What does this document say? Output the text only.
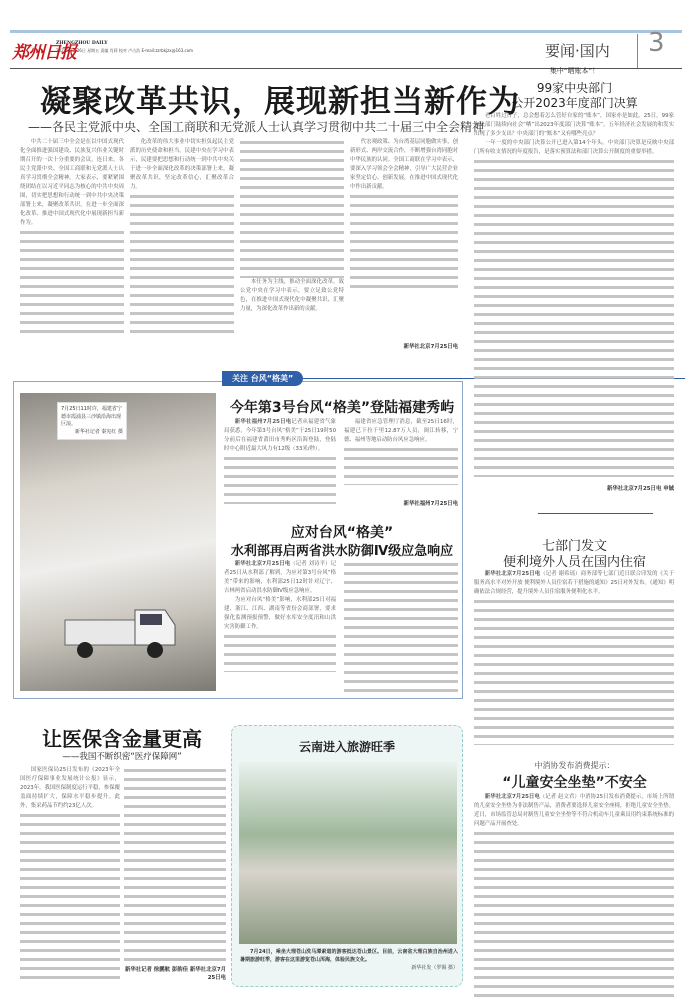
郑州日报
ZHENGZHOU DAILY
2024年7月26日 星期五 责编 肖莉 校对 卢占浩 E-mail:zzrbkjzx@163.com	要闻·国内 3
凝聚改革共识，展现新担当新作为
——各民主党派中央、全国工商联和无党派人士认真学习贯彻中共二十届三中全会精神

中共二十届三中全会是在以中国式现代化全面推进强国建设、民族复兴伟业关键时期召开的一次十分重要的会议。连日来，各民主党派中央、全国工商联和无党派人士认真学习贯彻全会精神。大家表示，要紧紧围绕团结在以习近平同志为核心的中共中央周围，切实把思想和行动统一到中共中央决策部署上来，凝聚改革共识，在进一步全面深化改革、推进中国式现代化中展现新担当新作为。

化改革的伟大事业中切实担负起民主党派的历史使命和担当。民建中央在学习中表示，民建要把思想和行动统一到中共中央关于进一步全面深化改革的决策部署上来，凝聚改革共识，坚定改革信心，汇聚改革合力。

本任务为主线，推动全面深化改革。致公党中央在学习中表示，要立足致公党特色，在推进中国式现代化中凝聚共识、汇聚力量，为深化改革作出新的贡献。

代宏观政策、为台湾基层同胞做实事，创新形式、两岸交流合作，不断增强台湾同胞对中华民族的认同。全国工商联在学习中表示，要深入学习领会全会精神，引导广大民营企业家坚定信心、创新发展，在推进中国式现代化中作出新贡献。

新华社北京7月25日电
关注 台风“格美”
7月25日11时许，福建省宁德市霞浦县三沙镇沿海出现巨浪。
新华社记者 秦宪红 摄
今年第3号台风“格美”登陆福建秀屿

新华社福州7月25日电记者从福建省气象局获悉，今年第3号台风“格美”于25日19时50分前后在福建省莆田市秀屿区沿海登陆，登陆时中心附近最大风力有12级（33米/秒）。

福建省应急管理厅消息，截至25日16时，福建已下拉千里12.87万人员，闽江转移，宁德、福州等地启动防台风应急响应。

新华社福州7月25日电
应对台风“格美”
水利部再启两省洪水防御Ⅳ级应急响应

新华社北京7月25日电（记者 刘诗平）记者25日从水利部了解到，为应对第3号台风“格美”带来的影响，水利部25日12时针对辽宁、吉林两省启动洪水防御Ⅳ级应急响应。

为应对台风“格美”影响，水利部25日对福建、浙江、江西、湖南等省份会商部署，要求强化监测预报预警，做好水库安全度汛和山洪灾害防御工作。

让医保含金量更高
——我国不断织密“医疗保障网”

国家医保局25日发布的《2023年全国医疗保障事业发展统计公报》显示，2023年，我国医保制度运行平稳，参保覆盖面持续扩大，保障水平稳步提升。此外，集采药品节约约23亿人次。

新华社记者 徐鹏航 彭韵佳 新华社北京7月25日电
云南进入旅游旺季

7月24日，乘坐大理苍山洗马潭索道的游客抵达苍山景区。目前，云南省大理白族自治州进入暑期旅游旺季，游客在这里游览苍山洱海，体验民族文化。

新华社发（罗锡 摄）
集中“晒账本”！
99家中央部门
公开2023年度部门决算

老百姓过日子，总会想着怎么管好自家的“账本”，国家亦是如此。25日，99家中央部门陆续向社会“晒”出2023年度部门决算“账本”。五年经济社会发展的和发实出现了多少支出？中央部门的“账本”又有哪些亮点？

一年一度的中央部门决算公开已进入第14个年头。中央部门决算是反映中央部门所有收支情况的年度报告，是落实预算法和部门决算公开制度的重要举措。

新华社北京7月25日电 申铖
七部门发文
便利境外人员在国内住宿

新华社北京7月25日电（记者 谢希瑶）商务部等七部门近日联合印发的《关于服务高水平对外开放 便利境外人员住宿若干措施的通知》25日对外发布。《通知》明确依法合规经营，提升境外人员住宿服务便利化水平。

中消协发布消费提示：
“儿童安全坐垫”不安全

新华社北京7月25日电（记者 赵文君）中消协25日发布消费提示，市场上所谓的儿童安全坐垫为非法制售产品，消费者要选择儿童安全座椅，拒绝儿童安全坐垫。近日，市场监管总局对制售儿童安全坐垫等不符合机动车儿童乘员用约束系统标准的问题产品开展查处。
